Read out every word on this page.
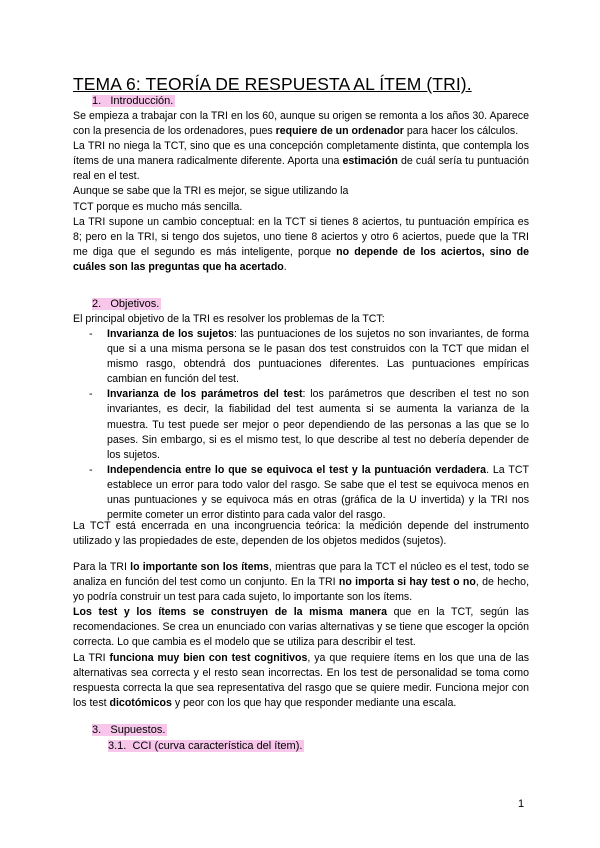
TEMA 6: TEORÍA DE RESPUESTA AL ÍTEM (TRI).
1. Introducción.

Se empieza a trabajar con la TRI en los 60, aunque su origen se remonta a los años 30. Aparece con la presencia de los ordenadores, pues requiere de un ordenador para hacer los cálculos.

La TRI no niega la TCT, sino que es una concepción completamente distinta, que contempla los ítems de una manera radicalmente diferente. Aporta una estimación de cuál sería tu puntuación real en el test.

Aunque se sabe que la TRI es mejor, se sigue utilizando la
TCT porque es mucho más sencilla.

La TRI supone un cambio conceptual: en la TCT si tienes 8 aciertos, tu puntuación empírica es 8; pero en la TRI, si tengo dos sujetos, uno tiene 8 aciertos y otro 6 aciertos, puede que la TRI me diga que el segundo es más inteligente, porque no depende de los aciertos, sino de cuáles son las preguntas que ha acertado.

2. Objetivos.
El principal objetivo de la TRI es resolver los problemas de la TCT:
- Invarianza de los sujetos: las puntuaciones de los sujetos no son invariantes, de forma que si a una misma persona se le pasan dos test construidos con la TCT que midan el mismo rasgo, obtendrá dos puntuaciones diferentes. Las puntuaciones empíricas cambian en función del test.
- Invarianza de los parámetros del test: los parámetros que describen el test no son invariantes, es decir, la fiabilidad del test aumenta si se aumenta la varianza de la muestra. Tu test puede ser mejor o peor dependiendo de las personas a las que se lo pases. Sin embargo, si es el mismo test, lo que describe al test no debería depender de los sujetos.
- Independencia entre lo que se equivoca el test y la puntuación verdadera. La TCT establece un error para todo valor del rasgo. Se sabe que el test se equivoca menos en unas puntuaciones y se equivoca más en otras (gráfica de la U invertida) y la TRI nos permite cometer un error distinto para cada valor del rasgo.

La TCT está encerrada en una incongruencia teórica: la medición depende del instrumento utilizado y las propiedades de este, dependen de los objetos medidos (sujetos).

Para la TRI lo importante son los ítems, mientras que para la TCT el núcleo es el test, todo se analiza en función del test como un conjunto. En la TRI no importa si hay test o no, de hecho, yo podría construir un test para cada sujeto, lo importante son los ítems.

Los test y los ítems se construyen de la misma manera que en la TCT, según las recomendaciones. Se crea un enunciado con varias alternativas y se tiene que escoger la opción correcta. Lo que cambia es el modelo que se utiliza para describir el test.

La TRI funciona muy bien con test cognitivos, ya que requiere ítems en los que una de las alternativas sea correcta y el resto sean incorrectas. En los test de personalidad se toma como respuesta correcta la que sea representativa del rasgo que se quiere medir. Funciona mejor con los test dicotómicos y peor con los que hay que responder mediante una escala.

3. Supuestos.
3.1. CCI (curva característica del ítem).
1
